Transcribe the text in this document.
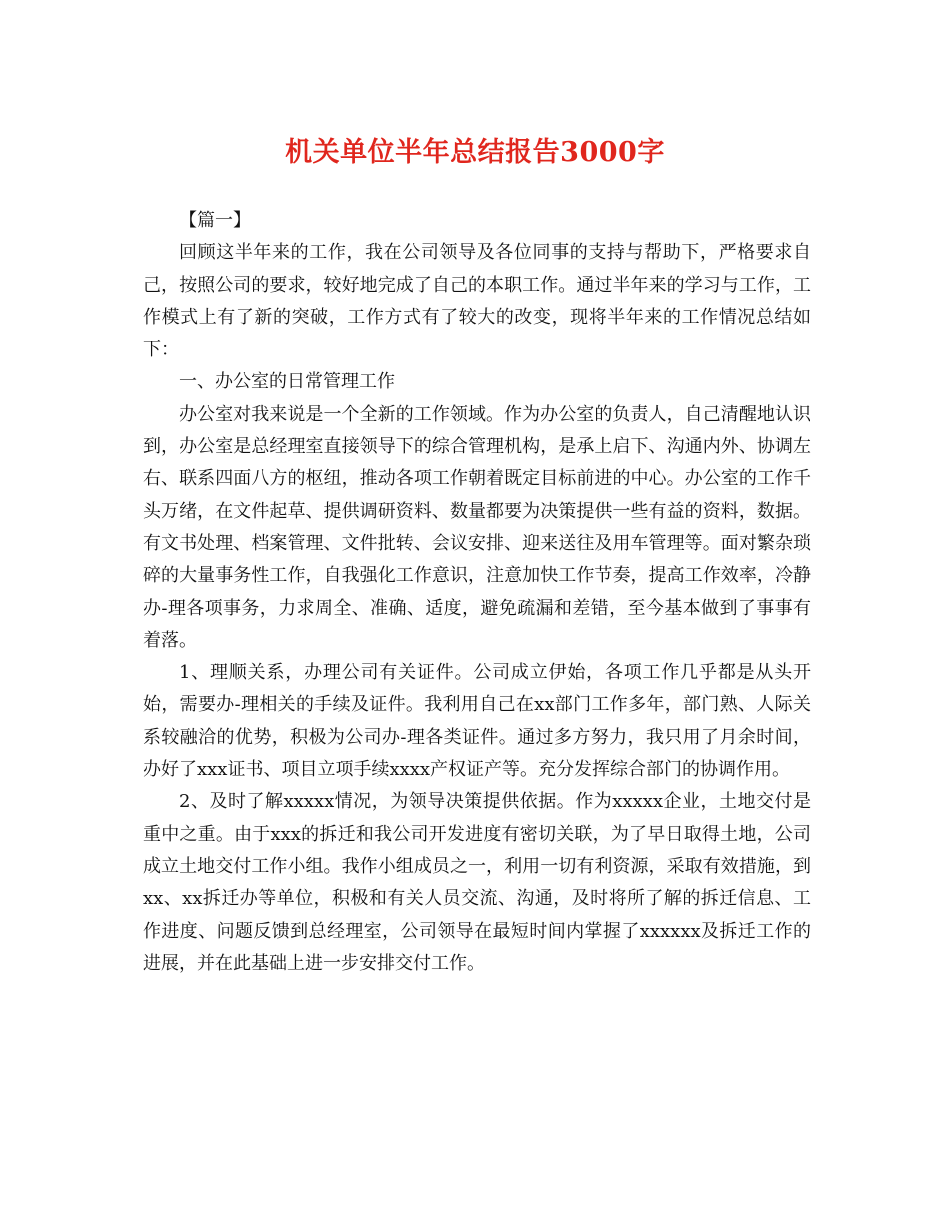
机关单位半年总结报告3000字

【篇一】

回顾这半年来的工作，我在公司领导及各位同事的支持与帮助下，严格要求自己，按照公司的要求，较好地完成了自己的本职工作。通过半年来的学习与工作，工作模式上有了新的突破，工作方式有了较大的改变，现将半年来的工作情况总结如下：

一、办公室的日常管理工作

办公室对我来说是一个全新的工作领域。作为办公室的负责人，自己清醒地认识到，办公室是总经理室直接领导下的综合管理机构，是承上启下、沟通内外、协调左右、联系四面八方的枢纽，推动各项工作朝着既定目标前进的中心。办公室的工作千头万绪，在文件起草、提供调研资料、数量都要为决策提供一些有益的资料，数据。有文书处理、档案管理、文件批转、会议安排、迎来送往及用车管理等。面对繁杂琐碎的大量事务性工作，自我强化工作意识，注意加快工作节奏，提高工作效率，冷静办-理各项事务，力求周全、准确、适度，避免疏漏和差错，至今基本做到了事事有着落。

1、理顺关系，办理公司有关证件。公司成立伊始，各项工作几乎都是从头开始，需要办-理相关的手续及证件。我利用自己在xx部门工作多年，部门熟、人际关系较融洽的优势，积极为公司办-理各类证件。通过多方努力，我只用了月余时间，办好了xxx证书、项目立项手续xxxx产权证产等。充分发挥综合部门的协调作用。

2、及时了解xxxxx情况，为领导决策提供依据。作为xxxxx企业，土地交付是重中之重。由于xxx的拆迁和我公司开发进度有密切关联，为了早日取得土地，公司成立土地交付工作小组。我作小组成员之一，利用一切有利资源，采取有效措施，到xx、xx拆迁办等单位，积极和有关人员交流、沟通，及时将所了解的拆迁信息、工作进度、问题反馈到总经理室，公司领导在最短时间内掌握了xxxxxx及拆迁工作的进展，并在此基础上进一步安排交付工作。
